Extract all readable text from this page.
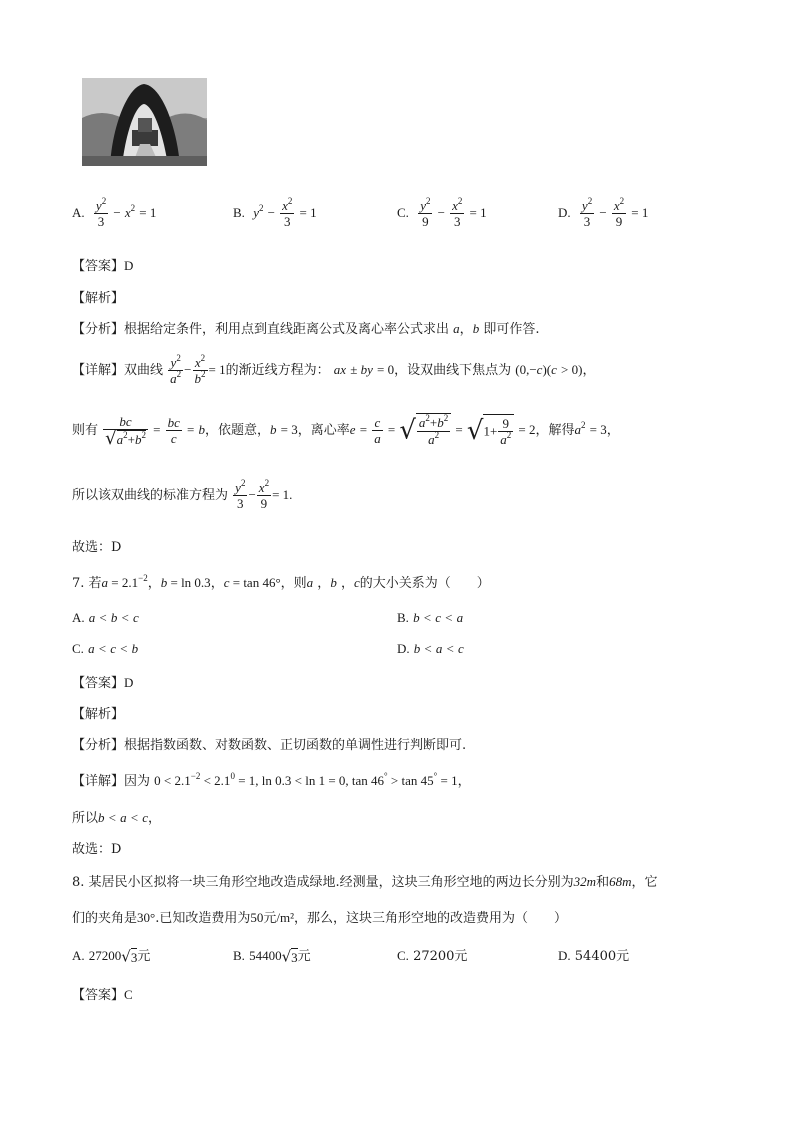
A. $\frac{y^2}{3} - x^2 = 1$	B. $y^2 - \frac{x^2}{3} = 1$	C. $\frac{y^2}{9} - \frac{x^2}{3} = 1$	D. $\frac{y^2}{3} - \frac{x^2}{9} = 1$
【答案】D
【解析】
【分析】根据给定条件，利用点到直线距离公式及离心率公式求出 a，b 即可作答.
【详解】双曲线 $\frac{y^2}{a^2} - \frac{x^2}{b^2} = 1$的渐近线方程为： ax ± by = 0，设双曲线下焦点为 (0,−c)(c > 0)，
则有 $\frac{bc}{√a^2+b^2} = \frac{bc}{c} = b$，依题意，b = 3，离心率$e = \frac{c}{a}$ = √ $\frac{a^2+b^2}{a^2} = √1+ \frac{9}{a^2} = 2$，解得$a^2 = 3$，
所以该双曲线的标准方程为 $\frac{y^2}{3} - \frac{x^2}{9} = 1$.
故选：D
7. 若$a = 2.1^{-2}$，b = ln 0.3，c = tan 46°，则a ，b ，c的大小关系为（　　）
A. a < b < c	B. b < c < a
C. a < c < b	D. b < a < c
【答案】D
【解析】
【分析】根据指数函数、对数函数、正切函数的单调性进行判断即可.
【详解】因为 $0 < 2.1^{-2} < 2.1^0 = 1$, ln 0.3 < ln 1 = 0, tan 46° > tan 45° = 1，
所以b < a < c，
故选：D
8. 某居民小区拟将一块三角形空地改造成绿地.经测量，这块三角形空地的两边长分别为32m和68m，它
们的夹角是30°.已知改造费用为50元/m²，那么，这块三角形空地的改造费用为（　　）
A. 27200√3元	B. 54400√3元	C. 27200元	D. 54400元
【答案】C
